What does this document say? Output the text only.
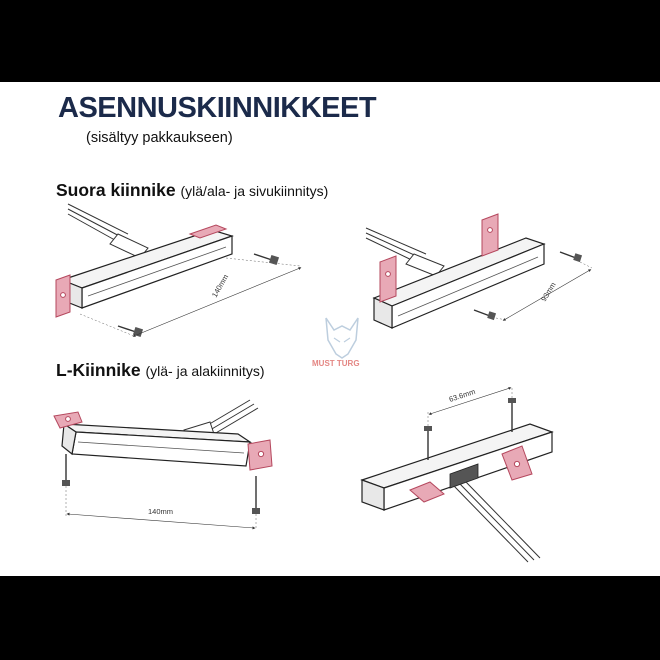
ASENNUSKIINNIKKEET
(sisältyy pakkaukseen)
Suora kiinnike (ylä/ala- ja sivukiinnitys)
L-Kiinnike (ylä- ja alakiinnitys)
140mm	93mm
MUST TURG
140mm
63.6mm
